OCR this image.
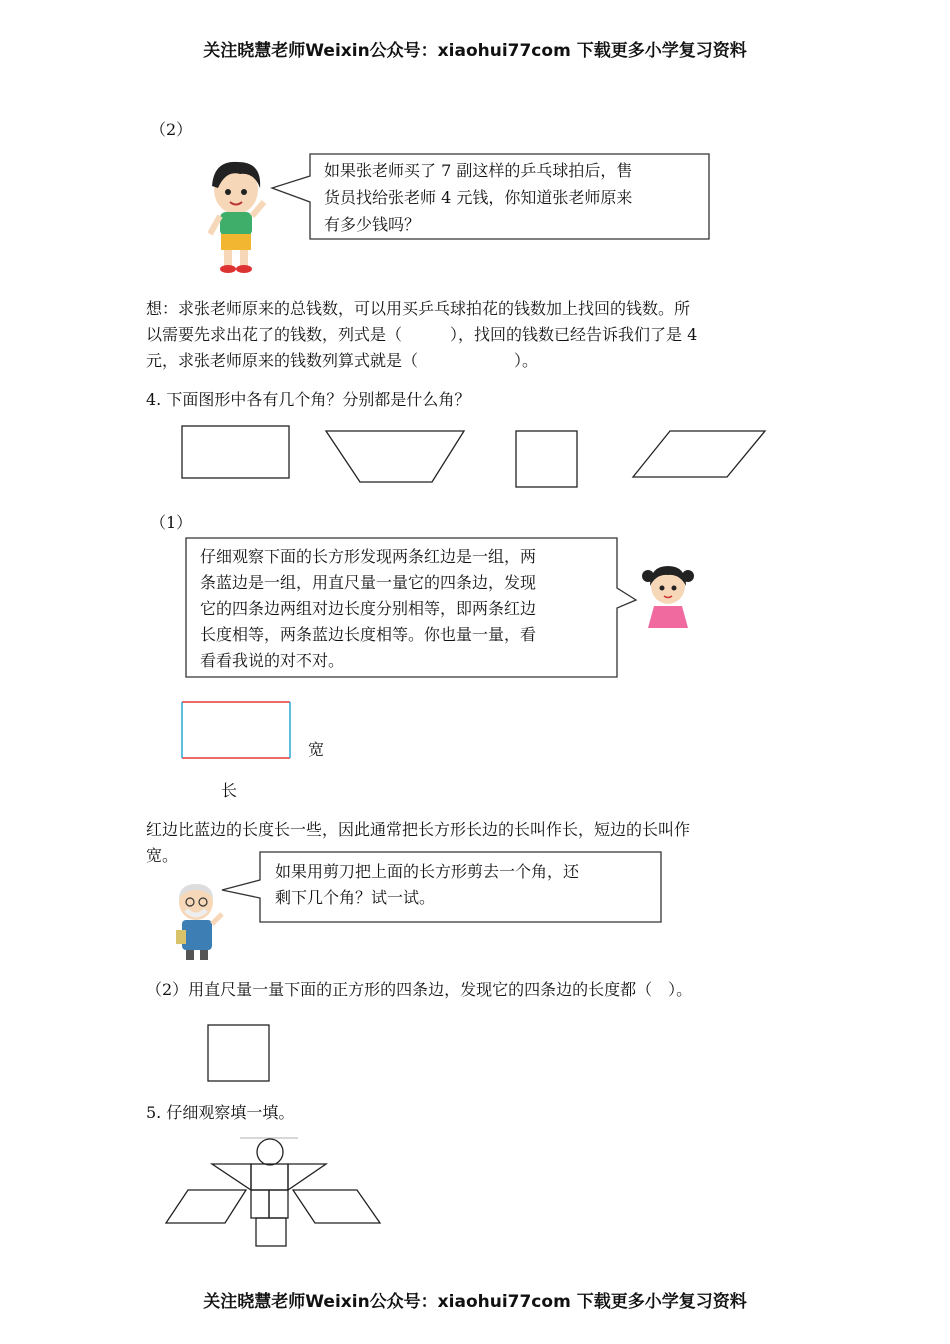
关注晓慧老师Weixin公众号：xiaohui77com 下载更多小学复习资料
（2）
如果张老师买了 7 副这样的乒乓球拍后，售
货员找给张老师 4 元钱，你知道张老师原来
有多少钱吗？
想：求张老师原来的总钱数，可以用买乒乓球拍花的钱数加上找回的钱数。所
以需要先求出花了的钱数，列式是（　　　），找回的钱数已经告诉我们了是 4
元，求张老师原来的钱数列算式就是（　　　　　　）。
4. 下面图形中各有几个角？分别都是什么角？
（1）
仔细观察下面的长方形发现两条红边是一组，两
条蓝边是一组，用直尺量一量它的四条边，发现
它的四条边两组对边长度分别相等，即两条红边
长度相等，两条蓝边长度相等。你也量一量，看
看看我说的对不对。
宽
长
红边比蓝边的长度长一些，因此通常把长方形长边的长叫作长，短边的长叫作
宽。
如果用剪刀把上面的长方形剪去一个角，还
剩下几个角？试一试。
（2）用直尺量一量下面的正方形的四条边，发现它的四条边的长度都（　）。
5. 仔细观察填一填。
关注晓慧老师Weixin公众号：xiaohui77com 下载更多小学复习资料
